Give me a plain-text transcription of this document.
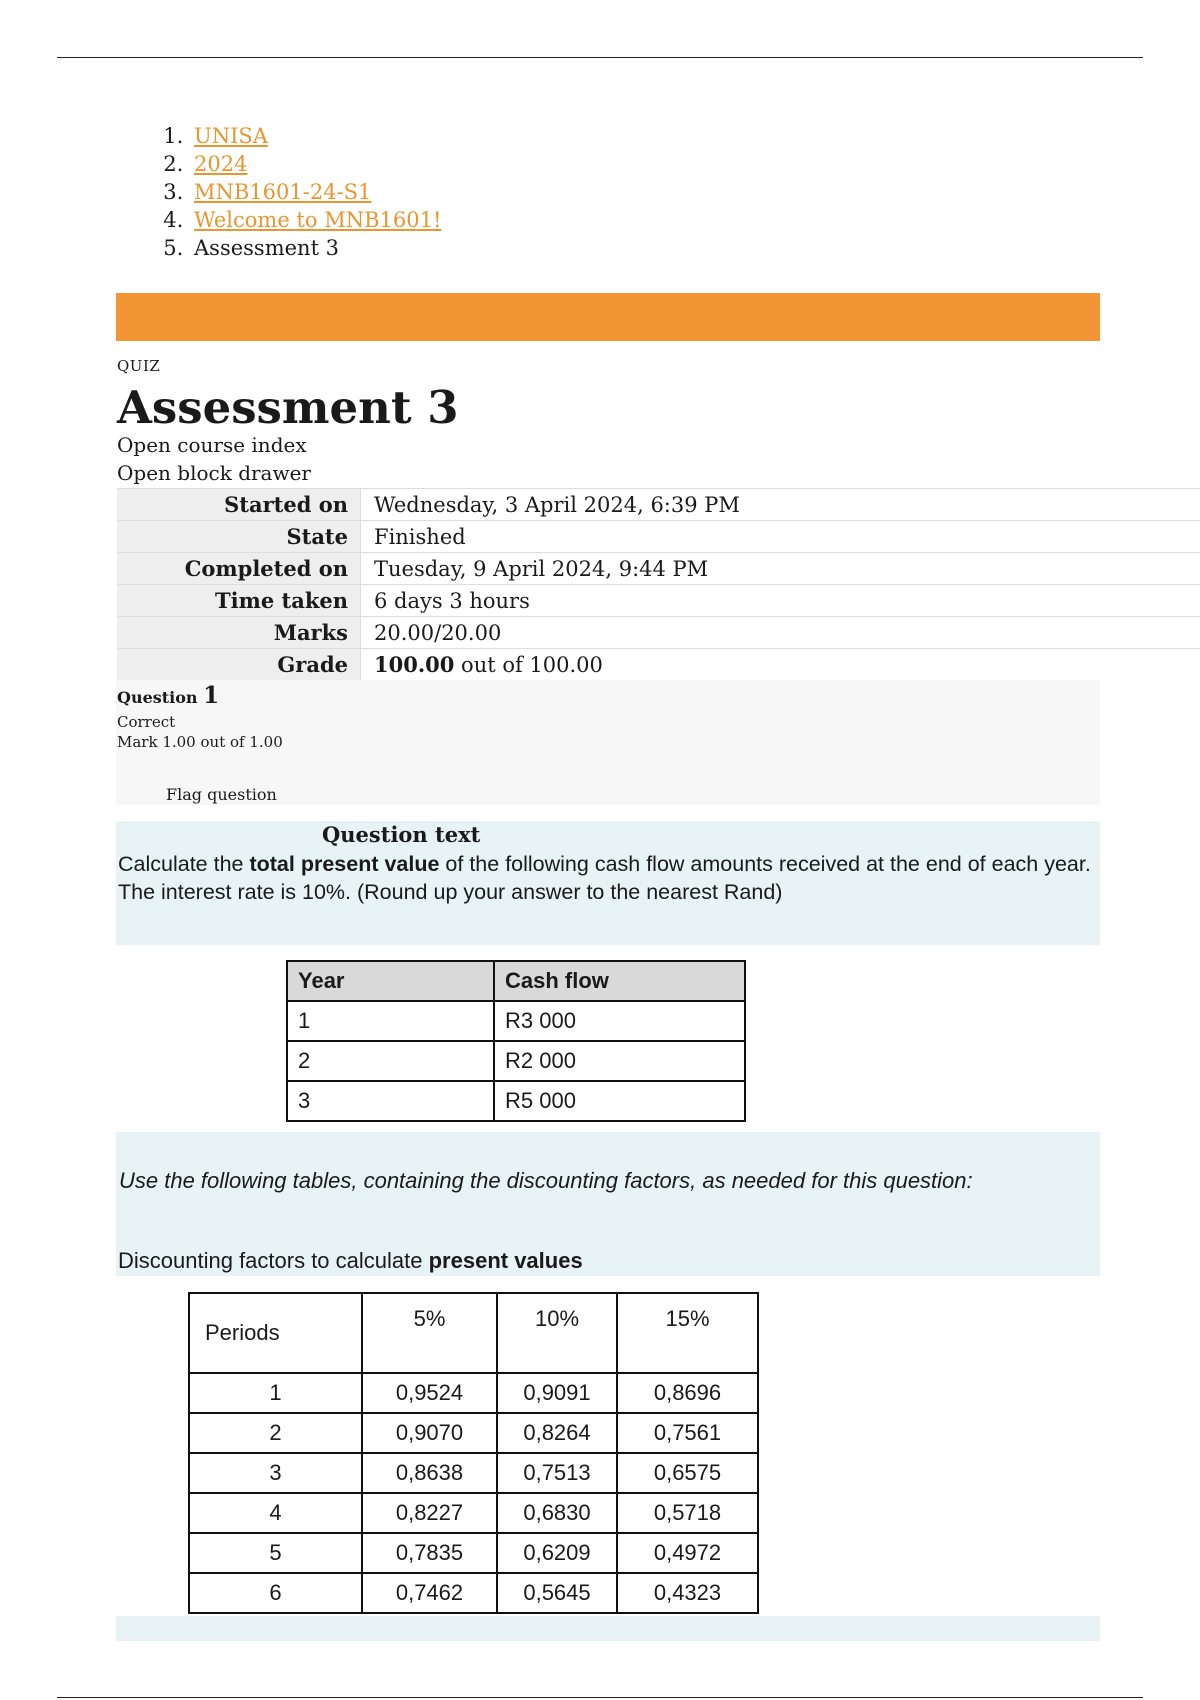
1. UNISA
2. 2024
3. MNB1601-24-S1
4. Welcome to MNB1601!
5. Assessment 3
QUIZ
Assessment 3
Open course index
Open block drawer
Started on	Wednesday, 3 April 2024, 6:39 PM
State	Finished
Completed on	Tuesday, 9 April 2024, 9:44 PM
Time taken	6 days 3 hours
Marks	20.00/20.00
Grade	100.00 out of 100.00
Question 1
Correct
Mark 1.00 out of 1.00
Flag question
Question text
Calculate the total present value of the following cash flow amounts received at the end of each year. The interest rate is 10%. (Round up your answer to the nearest Rand)
Year	Cash flow
1	R3 000
2	R2 000
3	R5 000
Use the following tables, containing the discounting factors, as needed for this question:
Discounting factors to calculate present values
Periods	5%	10%	15%
1	0,9524	0,9091	0,8696
2	0,9070	0,8264	0,7561
3	0,8638	0,7513	0,6575
4	0,8227	0,6830	0,5718
5	0,7835	0,6209	0,4972
6	0,7462	0,5645	0,4323
